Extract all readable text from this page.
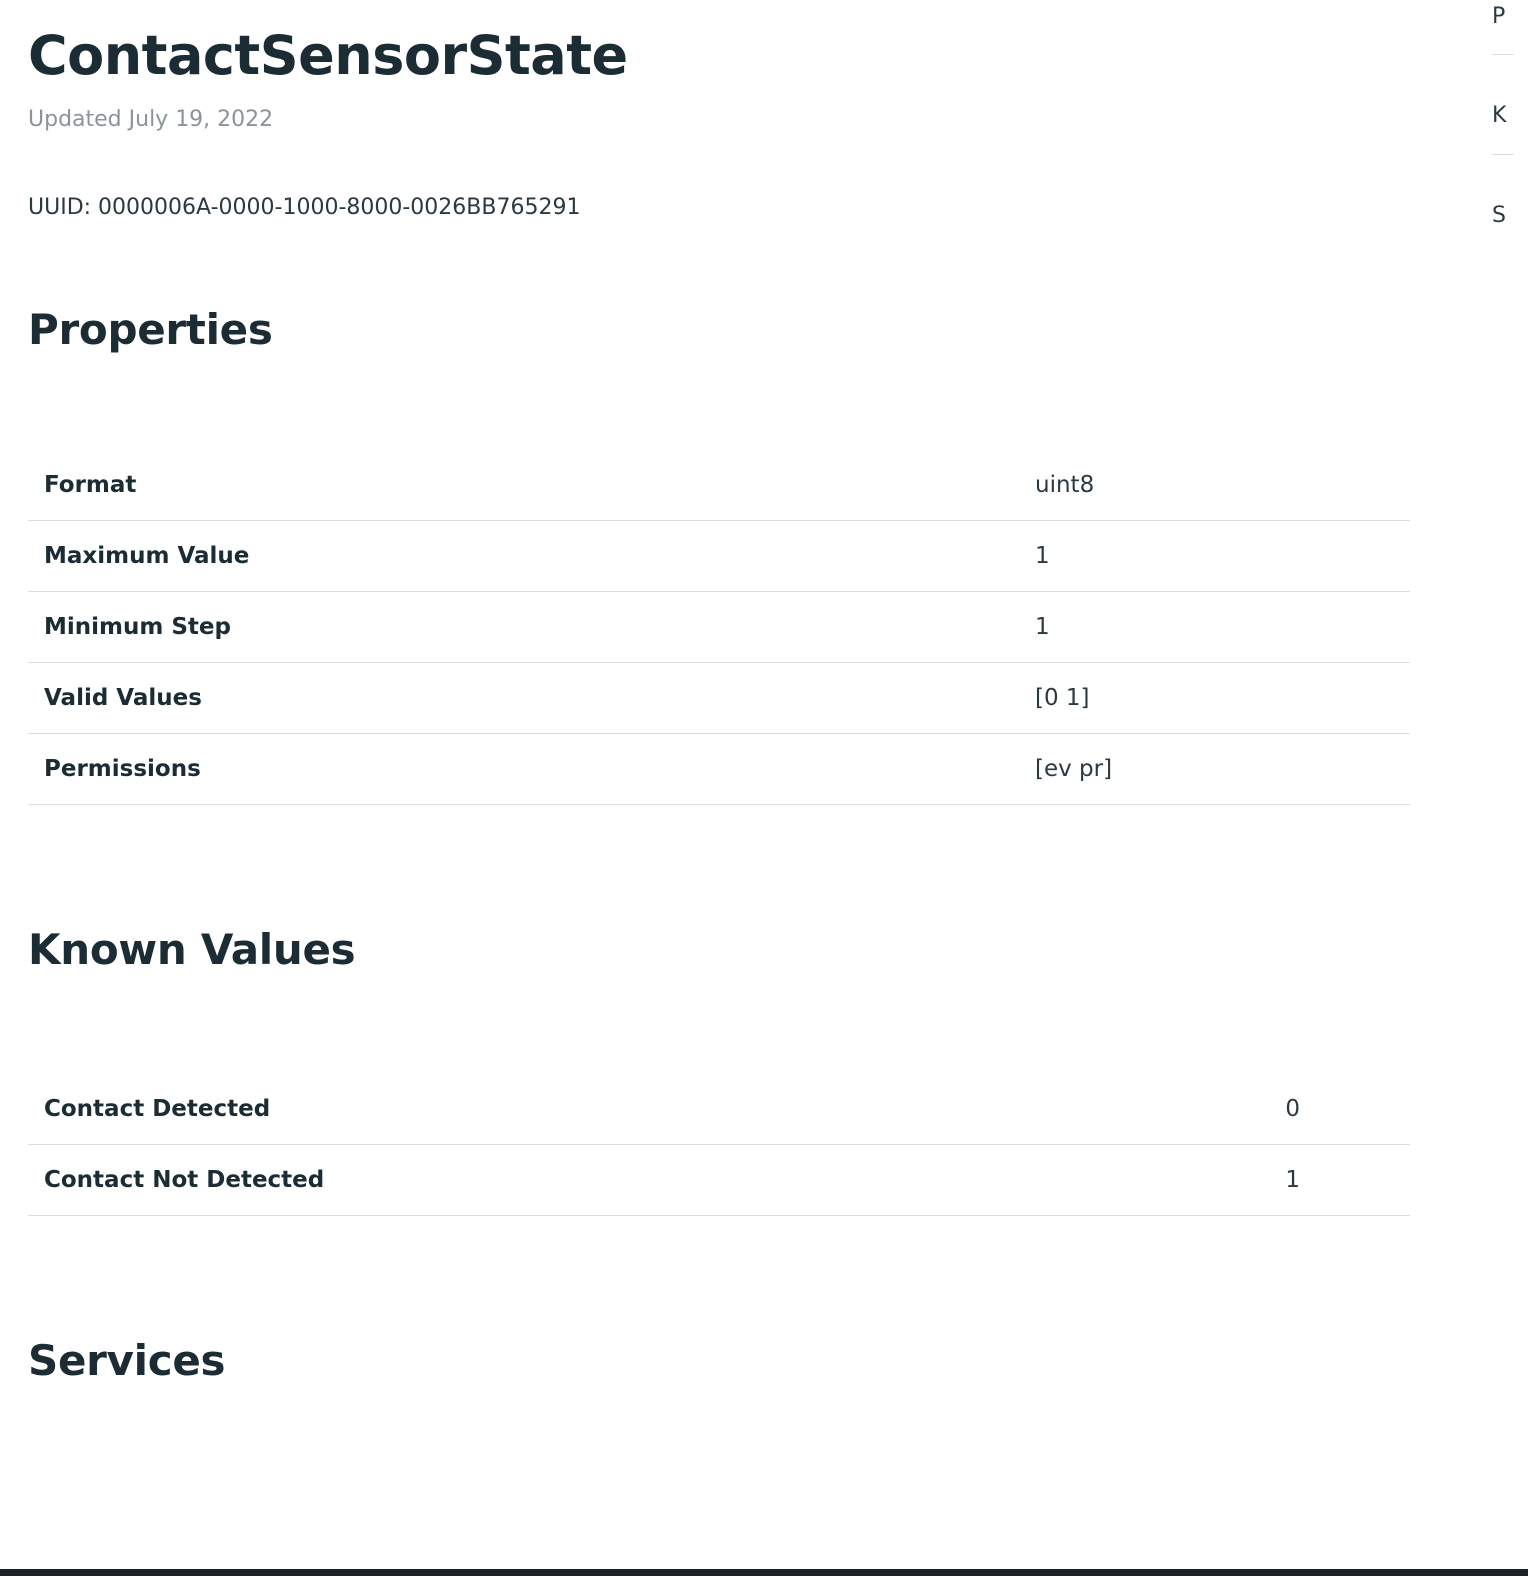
ContactSensorState
Updated July 19, 2022
UUID: 0000006A-0000-1000-8000-0026BB765291
Properties
Format	uint8
Maximum Value	1
Minimum Step	1
Valid Values	[0 1]
Permissions	[ev pr]
Known Values
Contact Detected	0
Contact Not Detected	1
Services
P
K
S
